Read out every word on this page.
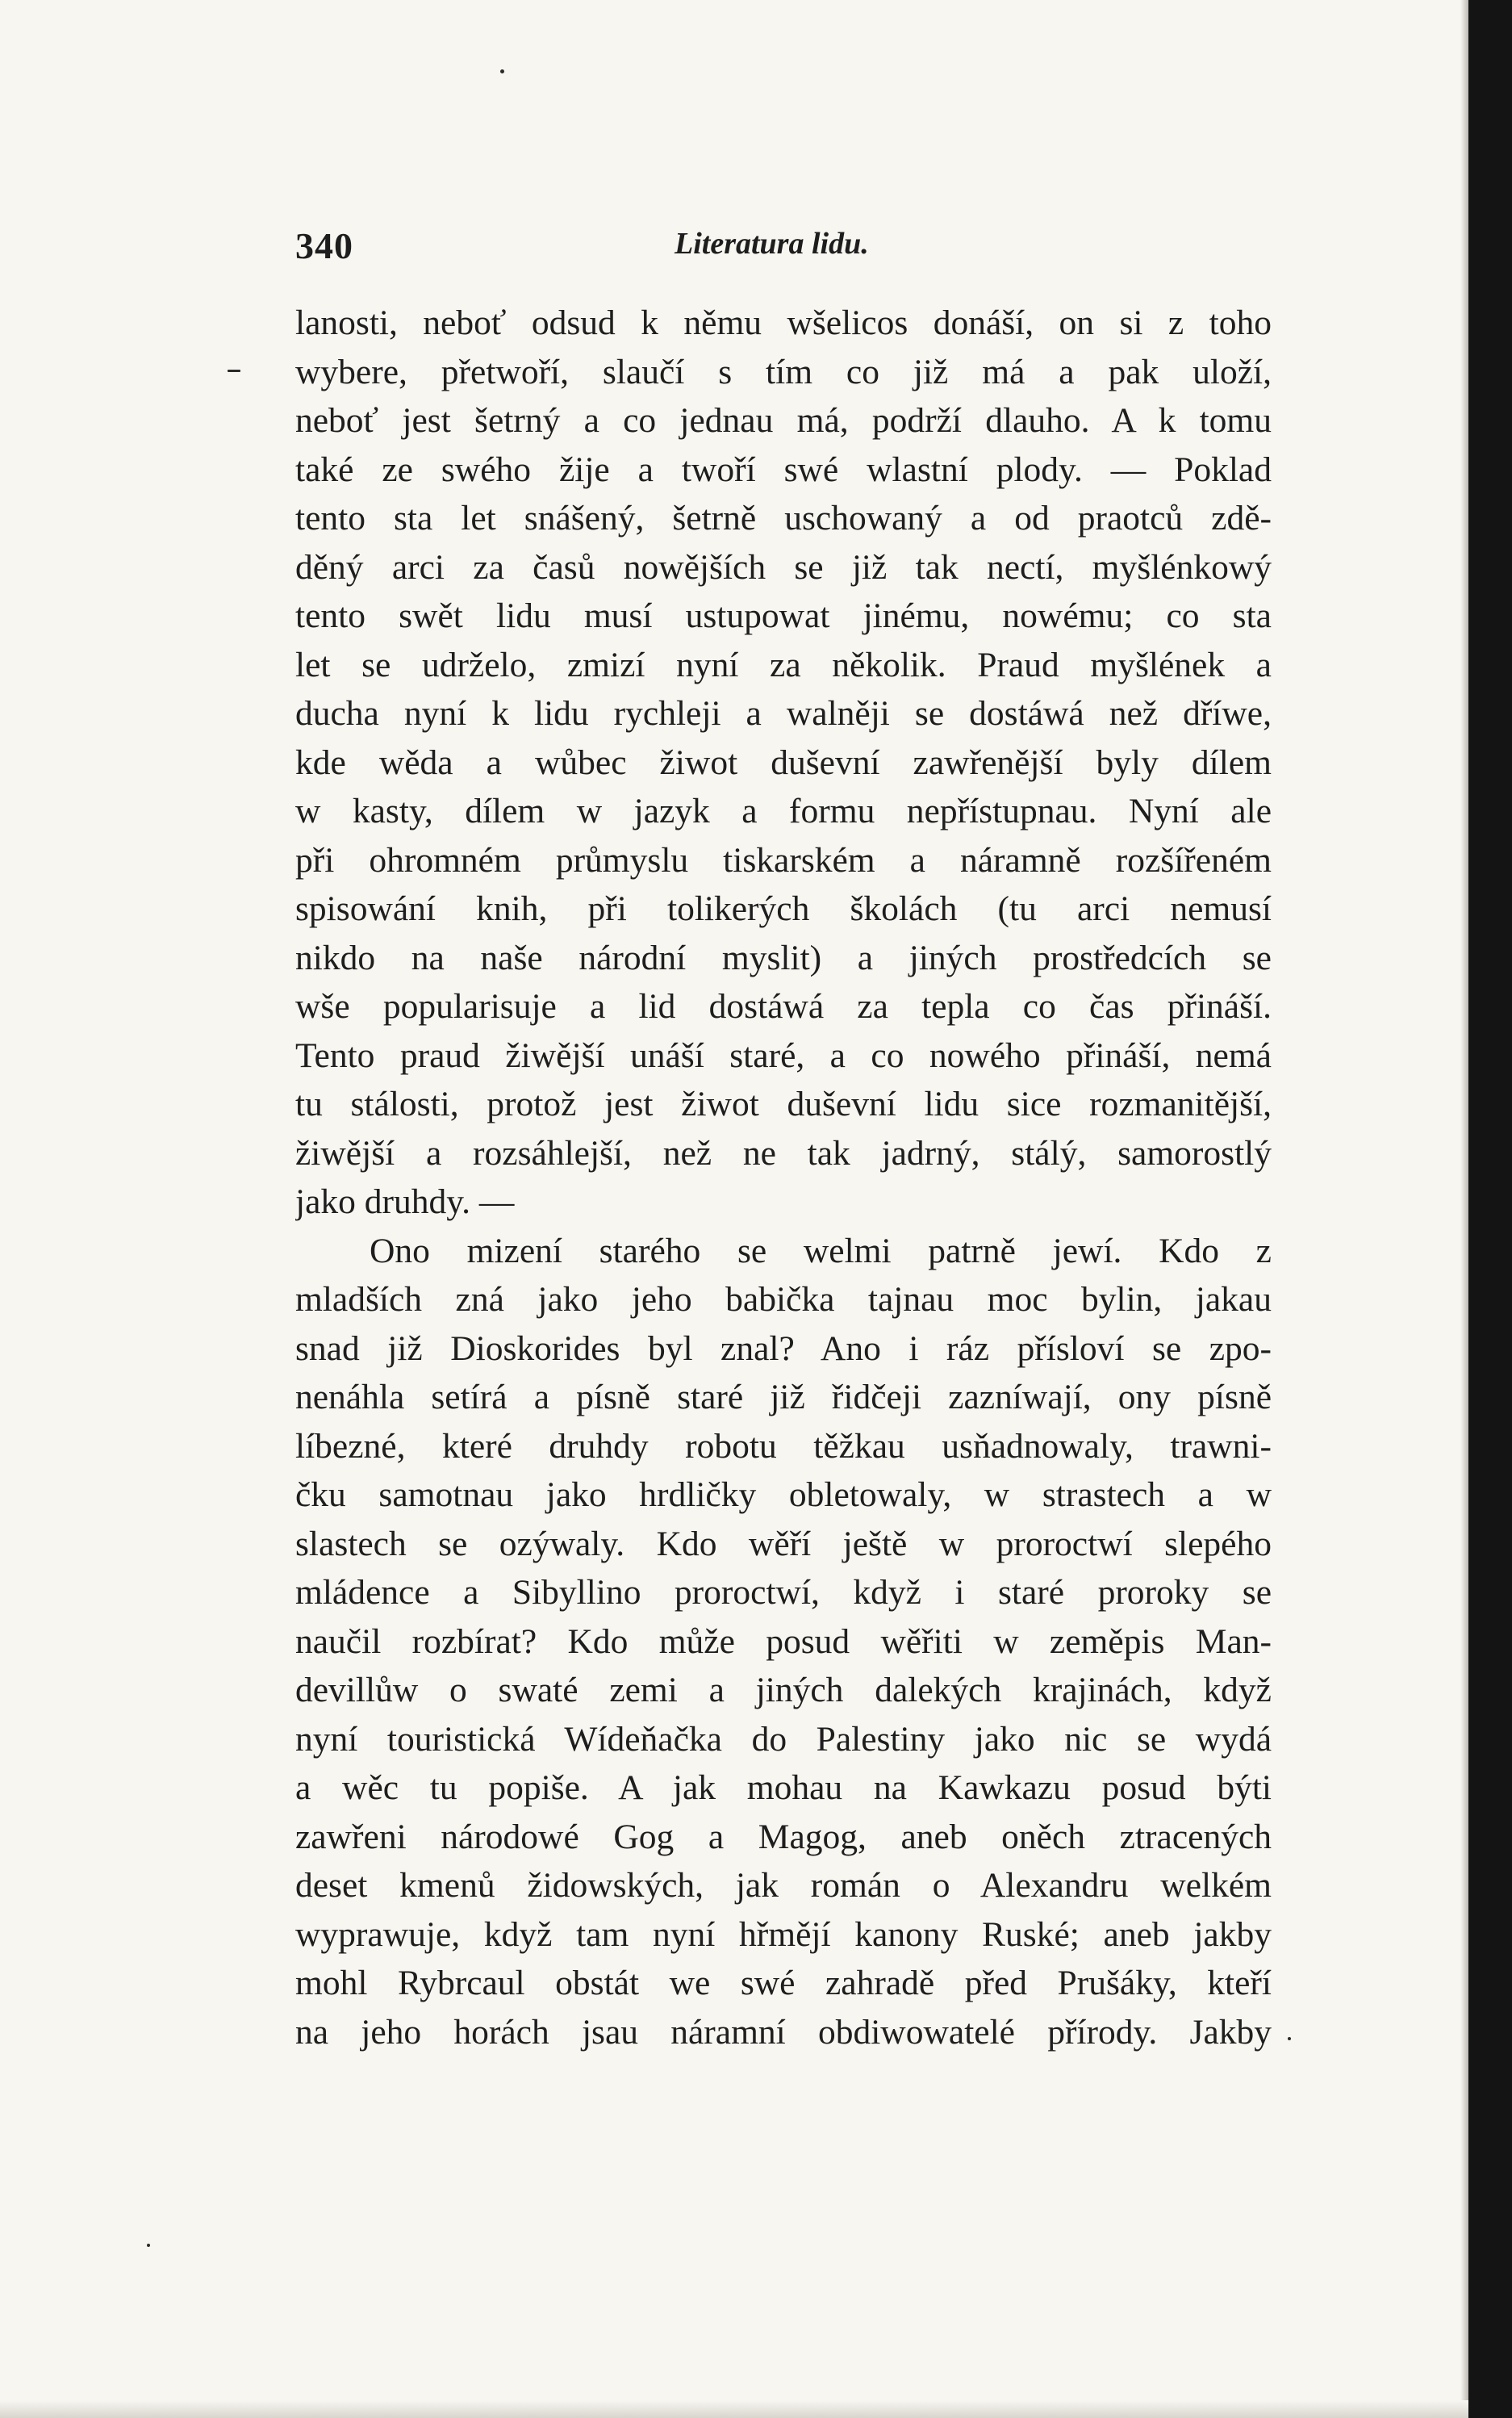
340	Literatura lidu.
lanosti, neboť odsud k němu wšelicos donáší, on si z toho
wybere, přetwoří, slaučí s tím co již má a pak uloží,
neboť jest šetrný a co jednau má, podrží dlauho. A k tomu
také ze swého žije a twoří swé wlastní plody. — Poklad
tento sta let snášený, šetrně uschowaný a od praotců zdě-
děný arci za časů nowějších se již tak nectí, myšlénkowý
tento swět lidu musí ustupowat jinému, nowému; co sta
let se udrželo, zmizí nyní za několik. Praud myšlének a
ducha nyní k lidu rychleji a walněji se dostáwá než dříwe,
kde wěda a wůbec žiwot duševní zawřenější byly dílem
w kasty, dílem w jazyk a formu nepřístupnau. Nyní ale
při ohromném průmyslu tiskarském a náramně rozšířeném
spisowání knih, při tolikerých školách (tu arci nemusí
nikdo na naše národní myslit) a jiných prostředcích se
wše popularisuje a lid dostáwá za tepla co čas přináší.
Tento praud žiwější unáší staré, a co nowého přináší, nemá
tu stálosti, protož jest žiwot duševní lidu sice rozmanitější,
žiwější a rozsáhlejší, než ne tak jadrný, stálý, samorostlý
jako druhdy. —
Ono mizení starého se welmi patrně jewí. Kdo z
mladších zná jako jeho babička tajnau moc bylin, jakau
snad již Dioskorides byl znal? Ano i ráz přísloví se zpo-
nenáhla setírá a písně staré již řidčeji zazníwají, ony písně
líbezné, které druhdy robotu těžkau usňadnowaly, trawni-
čku samotnau jako hrdličky obletowaly, w strastech a w
slastech se ozýwaly. Kdo wěří ještě w proroctwí slepého
mládence a Sibyllino proroctwí, když i staré proroky se
naučil rozbírat? Kdo může posud wěřiti w zeměpis Man-
devillůw o swaté zemi a jiných dalekých krajinách, když
nyní touristická Wídeňačka do Palestiny jako nic se wydá
a wěc tu popiše. A jak mohau na Kawkazu posud býti
zawřeni národowé Gog a Magog, aneb oněch ztracených
deset kmenů židowských, jak román o Alexandru welkém
wyprawuje, když tam nyní hřmějí kanony Ruské; aneb jakby
mohl Rybrcaul obstát we swé zahradě před Prušáky, kteří
na jeho horách jsau náramní obdiwowatelé přírody. Jakby
